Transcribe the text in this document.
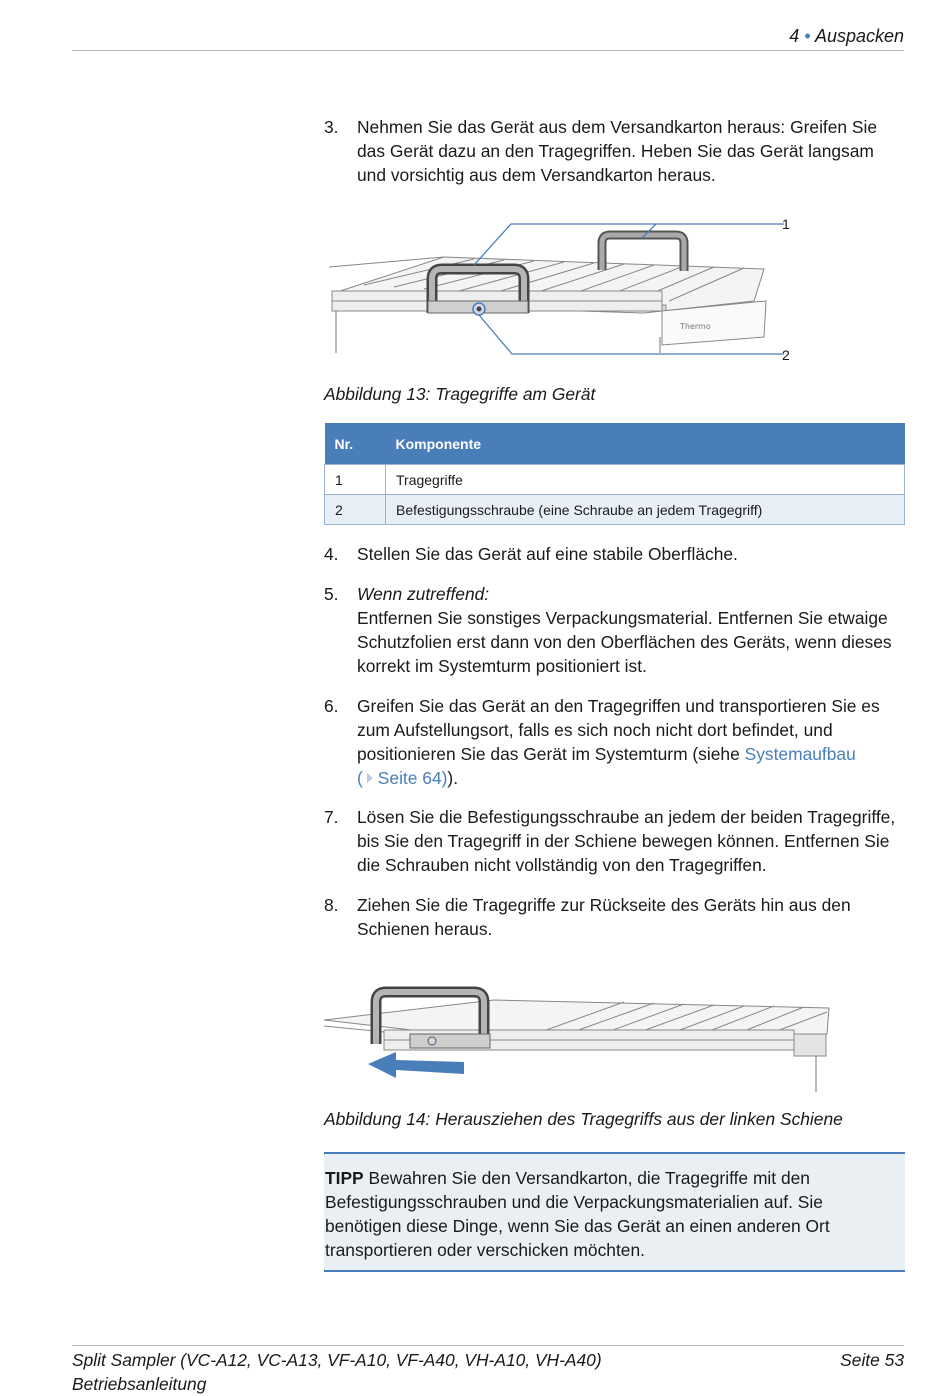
4 • Auspacken
3. Nehmen Sie das Gerät aus dem Versandkarton heraus: Greifen Sie
das Gerät dazu an den Tragegriffen. Heben Sie das Gerät langsam
und vorsichtig aus dem Versandkarton heraus.
Thermo
1
2
Abbildung 13: Tragegriffe am Gerät
Nr.	Komponente
1	Tragegriffe
2	Befestigungsschraube (eine Schraube an jedem Tragegriff)
4. Stellen Sie das Gerät auf eine stabile Oberfläche.
5. Wenn zutreffend:
Entfernen Sie sonstiges Verpackungsmaterial. Entfernen Sie etwaige
Schutzfolien erst dann von den Oberflächen des Geräts, wenn dieses
korrekt im Systemturm positioniert ist.
6. Greifen Sie das Gerät an den Tragegriffen und transportieren Sie es
zum Aufstellungsort, falls es sich noch nicht dort befindet, und
positionieren Sie das Gerät im Systemturm (siehe Systemaufbau
( Seite 64)).
7. Lösen Sie die Befestigungsschraube an jedem der beiden Tragegriffe,
bis Sie den Tragegriff in der Schiene bewegen können. Entfernen Sie
die Schrauben nicht vollständig von den Tragegriffen.
8. Ziehen Sie die Tragegriffe zur Rückseite des Geräts hin aus den
Schienen heraus.
Abbildung 14: Herausziehen des Tragegriffs aus der linken Schiene
TIPP Bewahren Sie den Versandkarton, die Tragegriffe mit den
Befestigungsschrauben und die Verpackungsmaterialien auf. Sie
benötigen diese Dinge, wenn Sie das Gerät an einen anderen Ort
transportieren oder verschicken möchten.
Split Sampler (VC-A12, VC-A13, VF-A10, VF-A40, VH-A10, VH-A40)
Betriebsanleitung
Seite 53
